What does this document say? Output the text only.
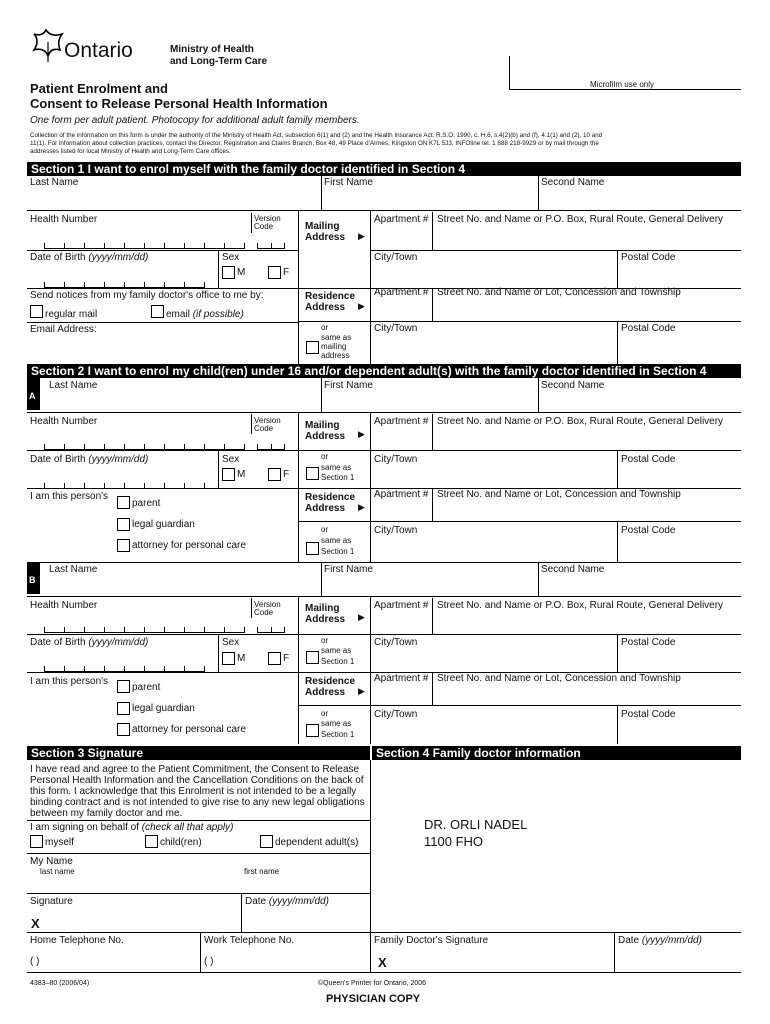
Ontario	Ministry of Health
and Long-Term Care
Microfilm use only
Patient Enrolment and
Consent to Release Personal Health Information
One form per adult patient. Photocopy for additional adult family members.
Collection of the information on this form is under the authority of the Ministry of Health Act, subsection 6(1) and (2) and the Health Insurance Act, R.S.O. 1990, c. H.6, s.4(2)(b) and (f), 4.1(1) and (2), 10 and
11(1). For information about collection practices, contact the Director, Registration and Claims Branch, Box 48, 49 Place d'Armes, Kingston ON K7L 5J3, INFOline tel. 1 888 218-9929 or by mail through the
addresses listed for local Ministry of Health and Long-Term Care offices.
Section 1 I want to enrol myself with the family doctor identified in Section 4
Last Name	First Name	Second Name
Health Number	Version Code	Mailing Address	▶
Apartment # Street No. and Name or P.O. Box, Rural Route, General Delivery
Date of Birth (yyyy/mm/dd)	Sex
M	F
City/Town	Postal Code
Send notices from my family doctor's office to me by:
regular mail	email (if possible)
Email Address:
Residence Address	▶
Apartment # Street No. and Name or Lot, Concession and Township
or
same as
mailing
address
City/Town	Postal Code
Section 2 I want to enrol my child(ren) under 16 and/or dependent adult(s) with the family doctor identified in Section 4
A
Last Name	First Name	Second Name
Health Number	Version Code	Mailing Address	▶
Apartment # Street No. and Name or P.O. Box, Rural Route, General Delivery
Date of Birth (yyyy/mm/dd)	Sex
M	F
or
same as
Section 1
City/Town	Postal Code
I am this person's
parent
legal guardian
attorney for personal care
Residence Address	▶
Apartment # Street No. and Name or Lot, Concession and Township
or
same as
Section 1
City/Town	Postal Code
B
Last Name	First Name	Second Name
Health Number	Version Code	Mailing Address	▶
Apartment # Street No. and Name or P.O. Box, Rural Route, General Delivery
Date of Birth (yyyy/mm/dd)	Sex
M	F
or
same as
Section 1
City/Town	Postal Code
I am this person's
parent
legal guardian
attorney for personal care
Residence Address	▶
Apartment # Street No. and Name or Lot, Concession and Township
or
same as
Section 1
City/Town	Postal Code
Section 3 Signature	Section 4 Family doctor information
I have read and agree to the Patient Commitment, the Consent to Release
Personal Health Information and the Cancellation Conditions on the back of
this form. I acknowledge that this Enrolment is not intended to be a legally
binding contract and is not intended to give rise to any new legal obligations
between my family doctor and me.
I am signing on behalf of (check all that apply)
myself	child(ren)	dependent adult(s)
My Name
last name	first name
Signature	Date (yyyy/mm/dd)
X
DR. ORLI NADEL
1100 FHO
Home Telephone No.	Work Telephone No.
( )	( )
Family Doctor's Signature	Date (yyyy/mm/dd)
X
4383–80 (2006/04)	©Queen's Printer for Ontario, 2006
PHYSICIAN COPY
